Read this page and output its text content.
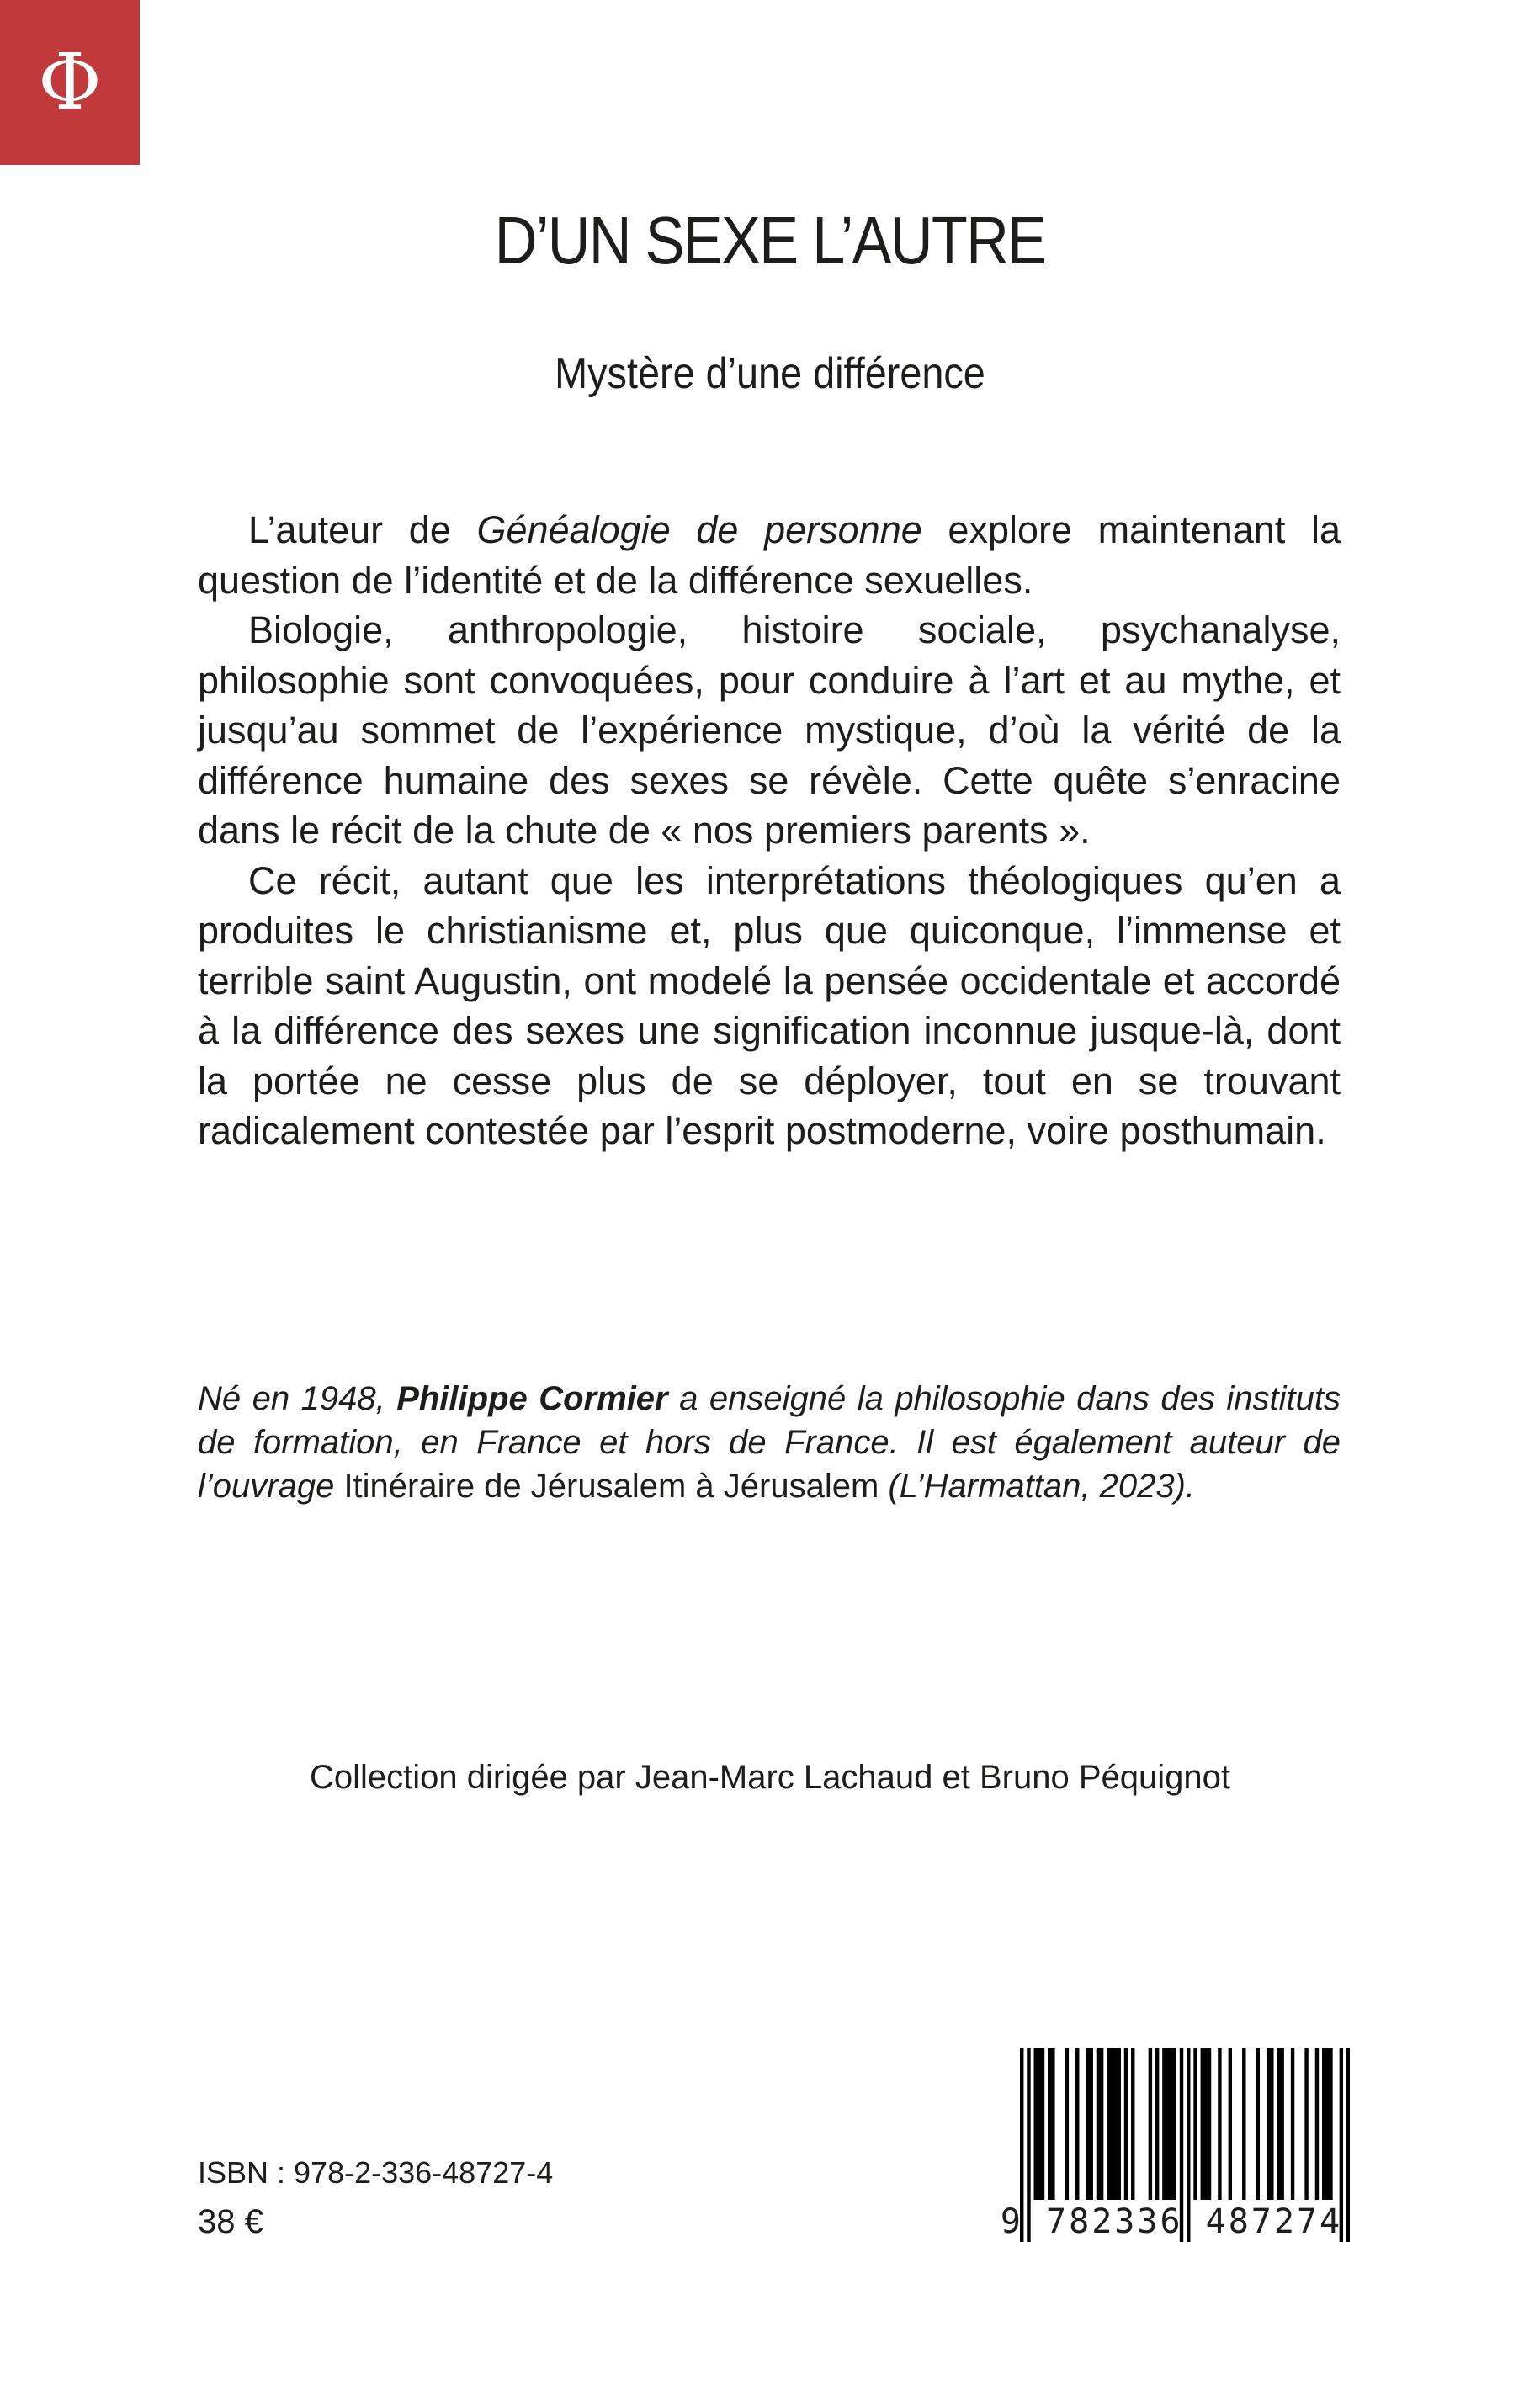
Φ
D’UN SEXE L’AUTRE
Mystère d’une différence

L’auteur de Généalogie de personne explore maintenant la question de l’identité et de la différence sexuelles.

Biologie, anthropologie, histoire sociale, psychanalyse, philosophie sont convoquées, pour conduire à l’art et au mythe, et jusqu’au sommet de l’expérience mystique, d’où la vérité de la différence humaine des sexes se révèle. Cette quête s’enracine dans le récit de la chute de « nos premiers parents ».

Ce récit, autant que les interprétations théologiques qu’en a produites le christianisme et, plus que quiconque, l’immense et terrible saint Augustin, ont modelé la pensée occidentale et accordé à la différence des sexes une signification inconnue jusque-là, dont la portée ne cesse plus de se déployer, tout en se trouvant radicalement contestée par l’esprit postmoderne, voire posthumain.

Né en 1948, Philippe Cormier a enseigné la philosophie dans des instituts de formation, en France et hors de France. Il est également auteur de l’ouvrage Itinéraire de Jérusalem à Jérusalem (L’Harmattan, 2023).
Collection dirigée par Jean-Marc Lachaud et Bruno Péquignot
ISBN : 978-2-336-48727-4
38 €	9 782336 487274
